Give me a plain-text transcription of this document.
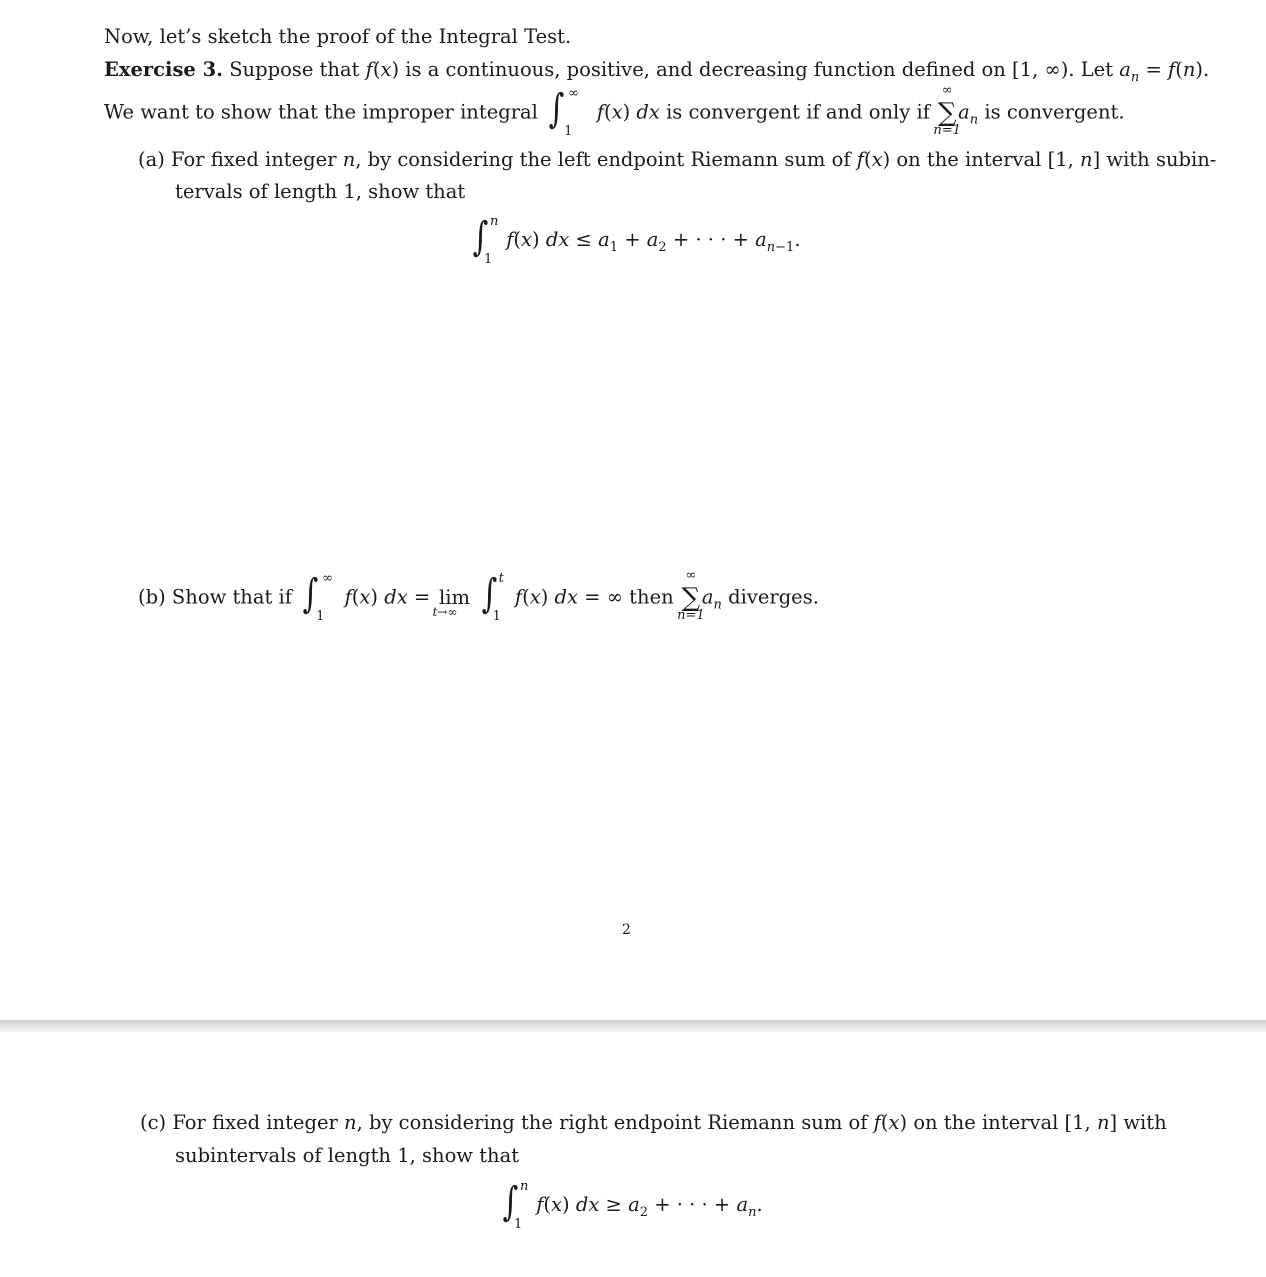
Now, let’s sketch the proof of the Integral Test.
Exercise 3. Suppose that f(x) is a continuous, positive, and decreasing function defined on [1, ∞). Let $a_n = f(n)$.
We want to show that the improper integral ∫ ∞
1
f(x) dx is convergent if and only if
∞
∑
n=1
$a_n$ is convergent.
(a) For fixed integer n, by considering the left endpoint Riemann sum of f(x) on the interval [1, n] with subin-
tervals of length 1, show that
∫ n
1
f(x) dx ≤ $a_1 + a_2$ + · · · + $a_{n-1}$.
(b) Show that if ∫ ∞
1
f(x) dx = lim
t→∞
∫ t
1
f(x) dx = ∞ then
∞
∑
n=1
$a_n$ diverges.
2
(c) For fixed integer n, by considering the right endpoint Riemann sum of f(x) on the interval [1, n] with
subintervals of length 1, show that
∫ n
1
f(x) dx ≥ $a_2$ + · · · + $a_n$.
